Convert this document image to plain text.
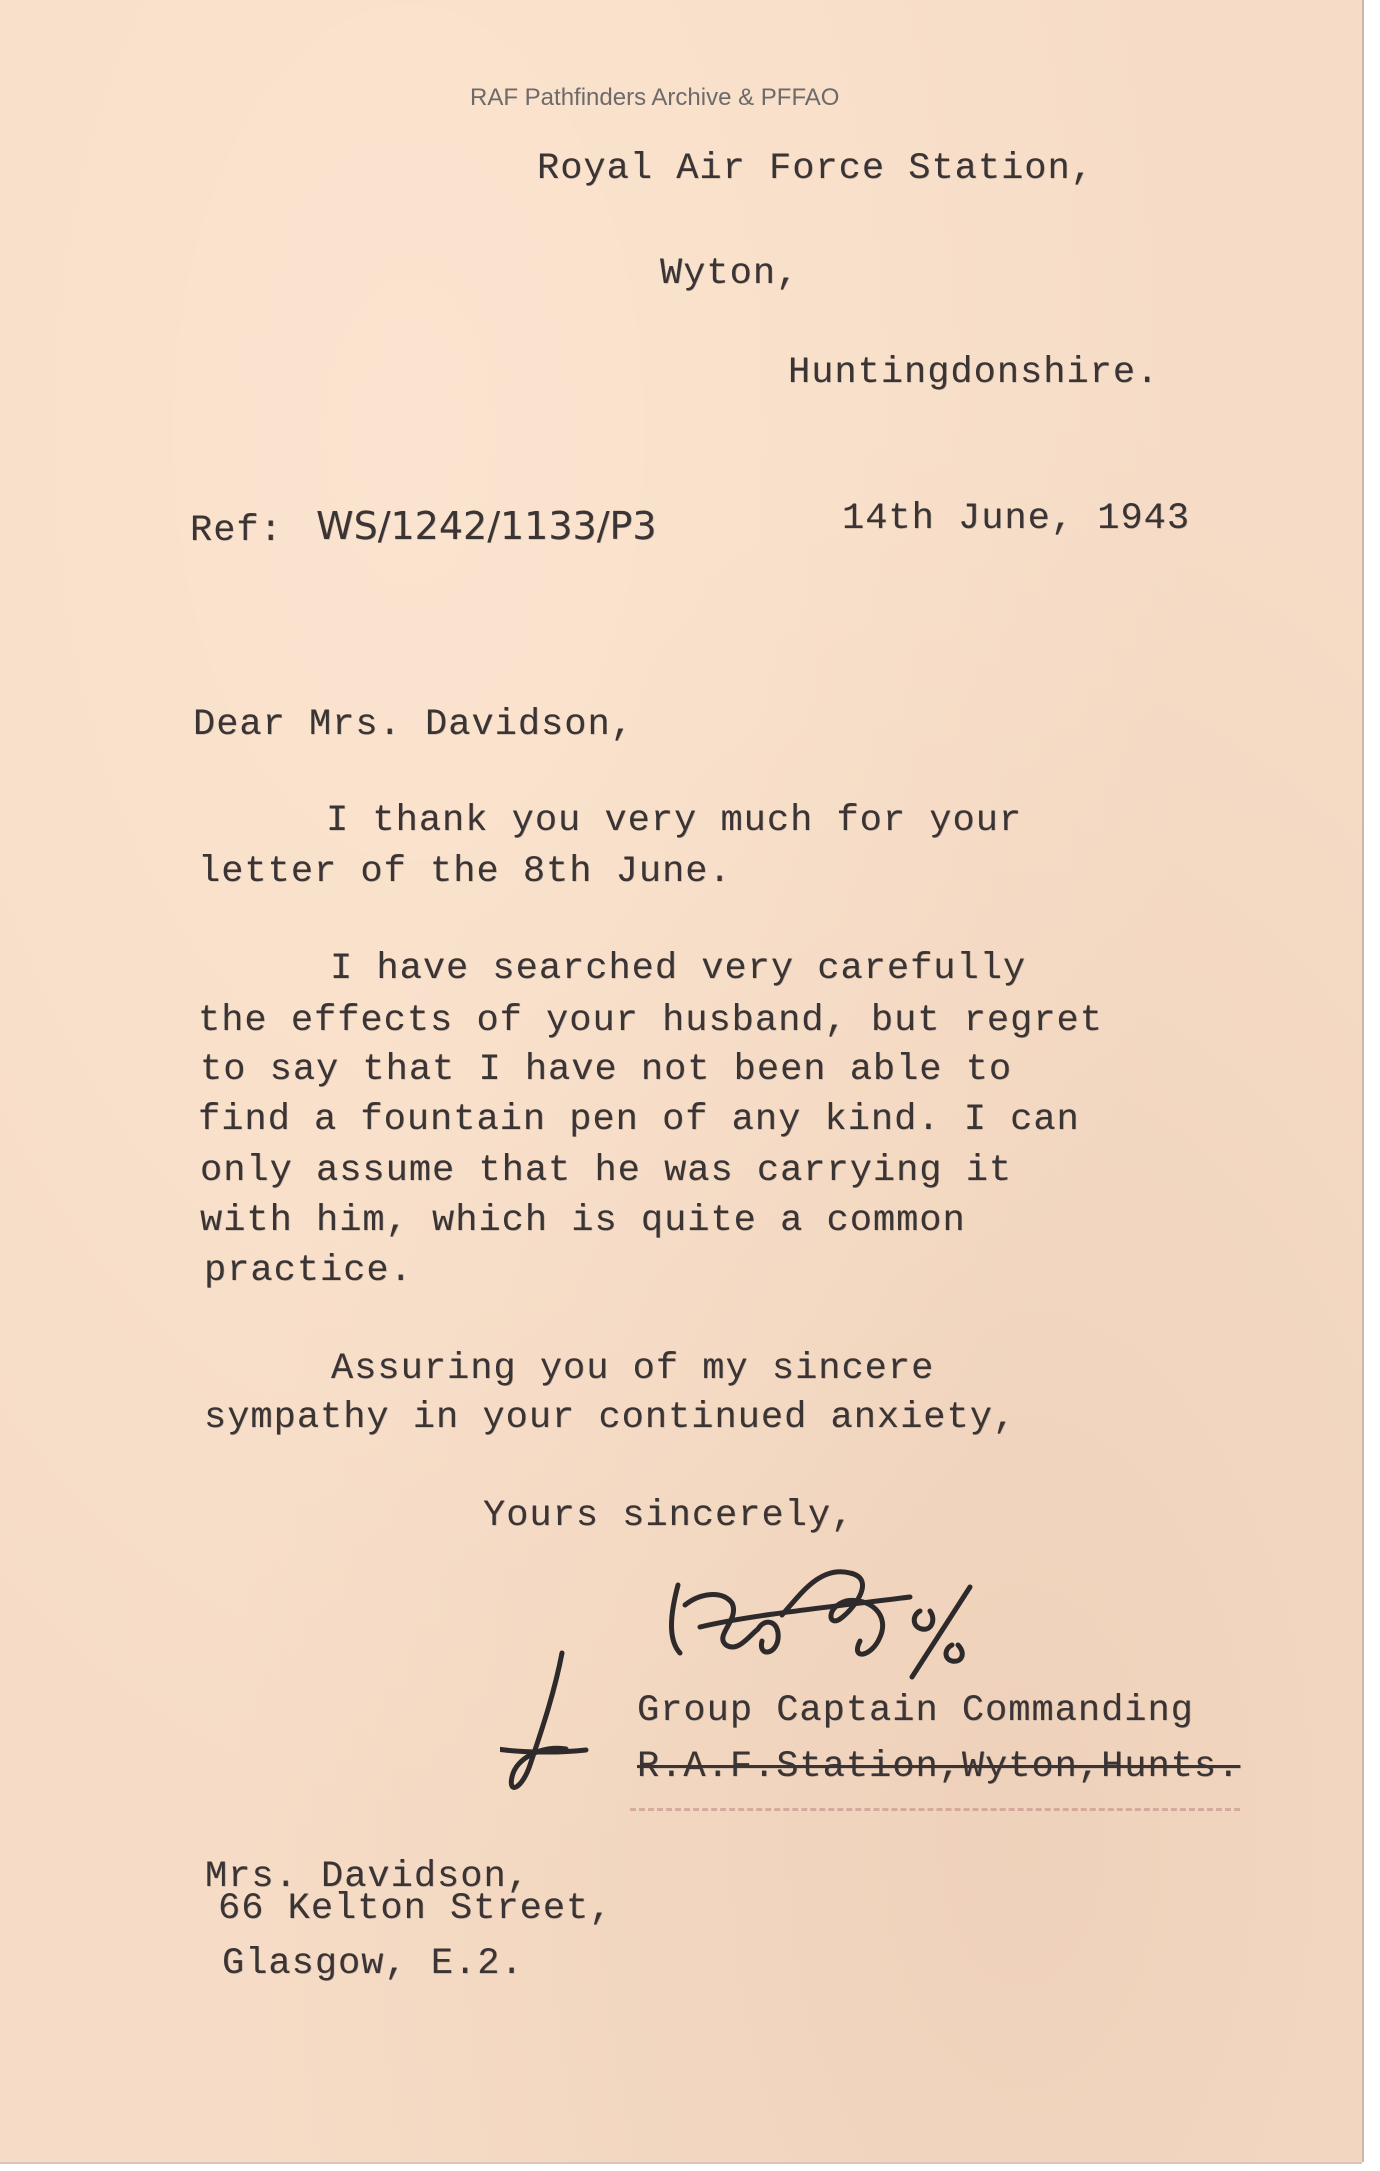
RAF Pathfinders Archive & PFFAO
Royal Air Force Station,
Wyton,
Huntingdonshire.
Ref: WS/1242/1133/P3	14th June, 1943
Dear Mrs. Davidson,
I thank you very much for your
letter of the 8th June.
I have searched very carefully
the effects of your husband, but regret
to say that I have not been able to
find a fountain pen of any kind. I can
only assume that he was carrying it
with him, which is quite a common
practice.
Assuring you of my sincere
sympathy in your continued anxiety,
Yours sincerely,
Group Captain Commanding
R.A.F.Station,Wyton,Hunts.
Mrs. Davidson,
66 Kelton Street,
Glasgow, E.2.
